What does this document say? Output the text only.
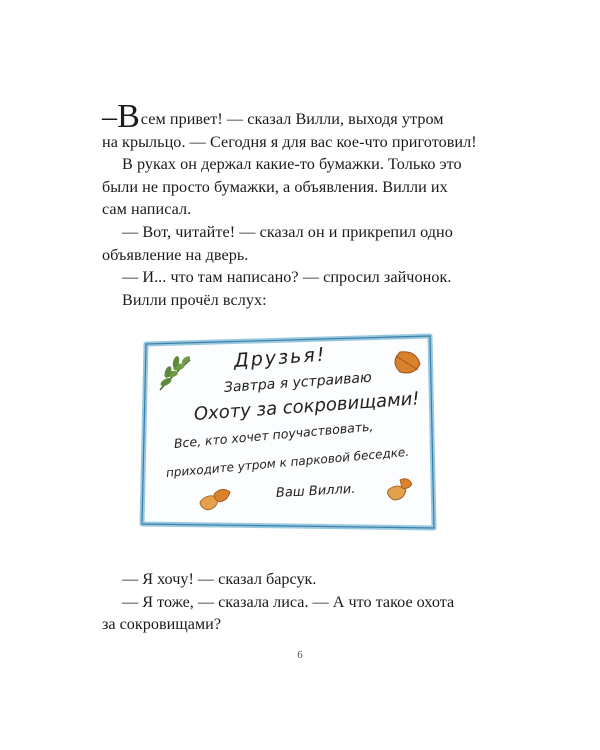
–Всем привет! — сказал Вилли, выходя утром
на крыльцо. — Сегодня я для вас кое-что приготовил!
В руках он держал какие-то бумажки. Только это
были не просто бумажки, а объявления. Вилли их
сам написал.
— Вот, читайте! — сказал он и прикрепил одно
объявление на дверь.
— И... что там написано? — спросил зайчонок.
Вилли прочёл вслух:
Друзья!
Завтра я устраиваю
Охоту за сокровищами!
Все, кто хочет поучаствовать,
приходите утром к парковой беседке.
Ваш Вилли.
— Я хочу! — сказал барсук.
— Я тоже, — сказала лиса. — А что такое охота
за сокровищами?
6
